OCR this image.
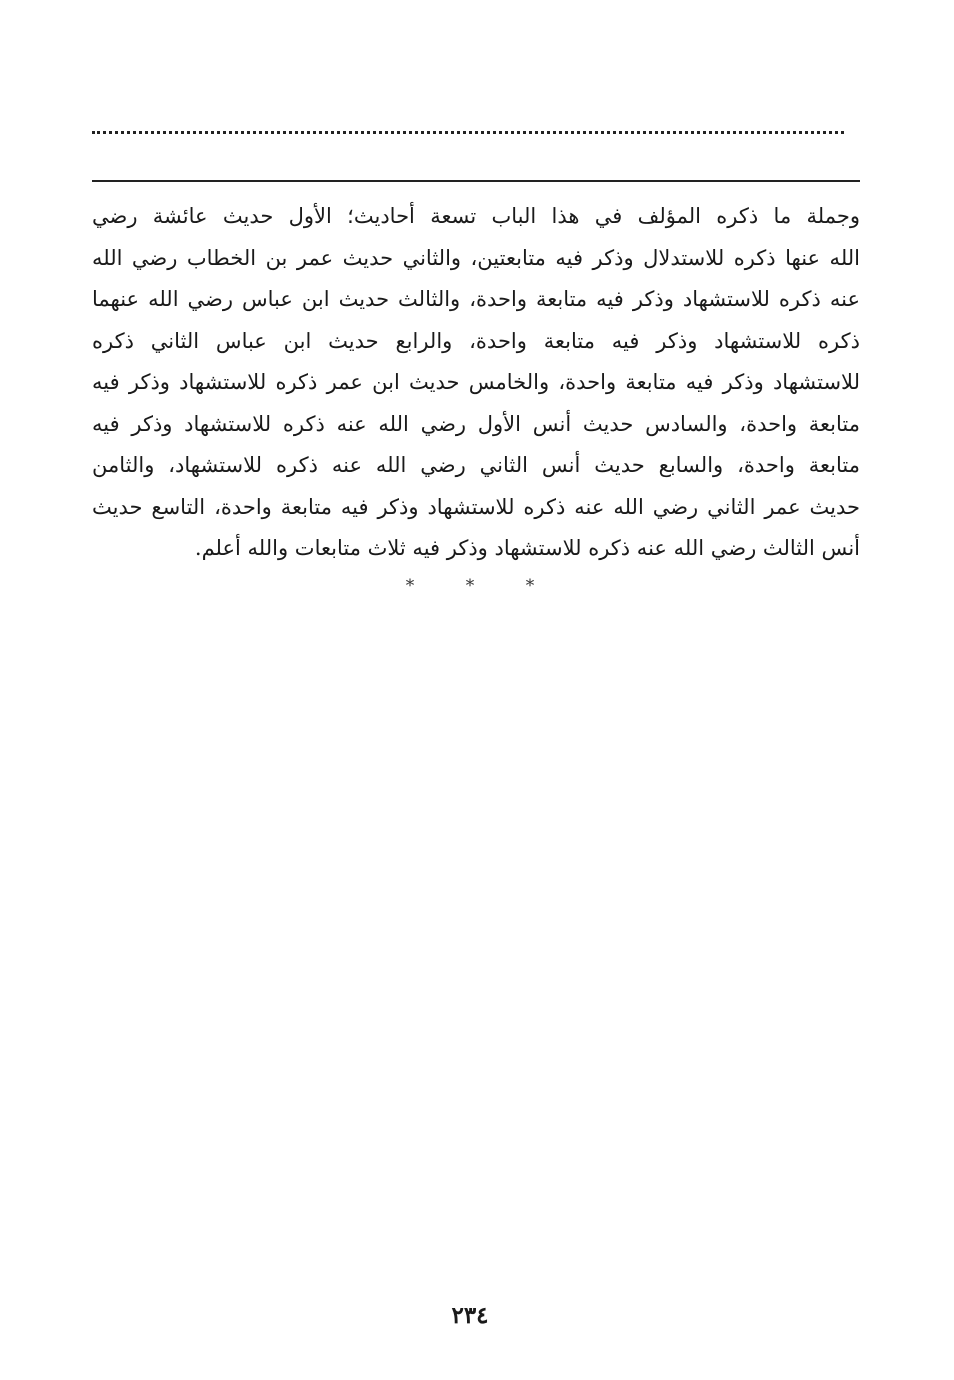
وجملة ما ذكره المؤلف في هذا الباب تسعة أحاديث؛ الأول حديث عائشة رضي
الله عنها ذكره للاستدلال وذكر فيه متابعتين، والثاني حديث عمر بن الخطاب رضي الله
عنه ذكره للاستشهاد وذكر فيه متابعة واحدة، والثالث حديث ابن عباس رضي الله عنهما
ذكره للاستشهاد وذكر فيه متابعة واحدة، والرابع حديث ابن عباس الثاني ذكره
للاستشهاد وذكر فيه متابعة واحدة، والخامس حديث ابن عمر ذكره للاستشهاد وذكر فيه
متابعة واحدة، والسادس حديث أنس الأول رضي الله عنه ذكره للاستشهاد وذكر فيه
متابعة واحدة، والسابع حديث أنس الثاني رضي الله عنه ذكره للاستشهاد، والثامن
حديث عمر الثاني رضي الله عنه ذكره للاستشهاد وذكر فيه متابعة واحدة، التاسع حديث
أنس الثالث رضي الله عنه ذكره للاستشهاد وذكر فيه ثلاث متابعات والله أعلم.
*	*	*
٢٣٤
